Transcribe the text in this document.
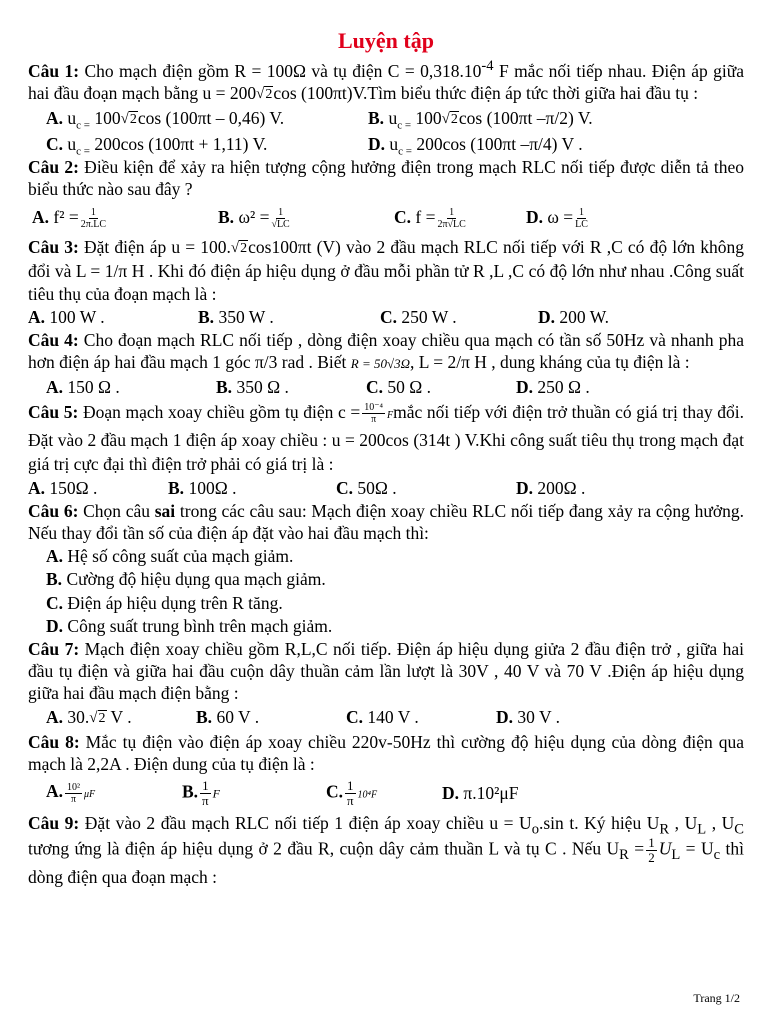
Luyện tập
Câu 1: Cho mạch điện gồm R = 100Ω và tụ điện $C = 0,318.10^{-4}$ F mắc nối tiếp nhau. Điện áp giữa hai đầu đoạn mạch bằng u = 200√2cos (100πt)V.Tìm biểu thức điện áp tức thời giữa hai đầu tụ :
A. $u_{c =}$ 100√2cos (100πt – 0,46) V.	B. $u_{c =}$ 100√2cos (100πt –π/2) V.
C. $u_{c =}$ 200cos (100πt + 1,11) V.	D. $u_{c =}$ 200cos (100πt –π/4) V .
Câu 2: Điều kiện để xảy ra hiện tượng cộng hưởng điện trong mạch RLC nối tiếp được diễn tả theo biểu thức nào sau đây ?
A. $f^2 = \frac{1}{2\pi.LC}$	B. $\omega^2 = \frac{1}{√LC}$	C. $f = \frac{1}{2\pi√LC}$	D. $\omega = \frac{1}{LC}$
Câu 3: Đặt điện áp u = 100.√2cos100πt (V) vào 2 đầu mạch RLC nối tiếp với R ,C có độ lớn không đổi và L = 1/π H . Khi đó điện áp hiệu dụng ở đầu mỗi phần tử R ,L ,C có độ lớn như nhau .Công suất tiêu thụ của đoạn mạch là :
A. 100 W .	B. 350 W .	C. 250 W .	D. 200 W.
Câu 4: Cho đoạn mạch RLC nối tiếp , dòng điện xoay chiều qua mạch có tần số 50Hz và nhanh pha hơn điện áp hai đầu mạch 1 góc π/3 rad . Biết R = 50√3Ω, L = 2/π H , dung kháng của tụ điện là :
A. 150 Ω .	B. 350 Ω .	C. 50 Ω .	D. 250 Ω .
Câu 5: Đoạn mạch xoay chiều gồm tụ điện $c = \frac{\text{10⁻⁴}}{\pi}$ Fmắc nối tiếp với điện trở thuần có giá trị thay đổi. Đặt vào 2 đầu mạch 1 điện áp xoay chiều : u = 200cos (314t ) V.Khi công suất tiêu thụ trong mạch đạt giá trị cực đại thì điện trở phải có giá trị là :
A. 150Ω .	B. 100Ω .	C. 50Ω .	D. 200Ω .
Câu 6: Chọn câu sai trong các câu sau: Mạch điện xoay chiều RLC nối tiếp đang xảy ra cộng hưởng. Nếu thay đổi tần số của điện áp đặt vào hai đầu mạch thì:
A. Hệ số công suất của mạch giảm.
B. Cường độ hiệu dụng qua mạch giảm.
C. Điện áp hiệu dụng trên R tăng.
D. Công suất trung bình trên mạch giảm.
Câu 7: Mạch điện xoay chiều gồm R,L,C nối tiếp. Điện áp hiệu dụng giửa 2 đầu điện trở , giữa hai đầu tụ điện và giữa hai đầu cuộn dây thuần cảm lần lượt là 30V , 40 V và 70 V .Điện áp hiệu dụng giữa hai đầu mạch điện bằng :
A. 30.√2 V .	B. 60 V .	C. 140 V .	D. 30 V .
Câu 8: Mắc tụ điện vào điện áp xoay chiều 220v-50Hz thì cường độ hiệu dụng của dòng điện qua mạch là 2,2A . Điện dung của tụ điện là :
A. $\frac{\text{10²}}{\pi}$ μF	B. $\frac{1}{\pi}$ F	C. $\frac{1}{\pi} 10^4F$	D. π.10²μF
Câu 9: Đặt vào 2 đầu mạch RLC nối tiếp 1 điện áp xoay chiều $u = U_o.\sin$ t. Ký hiệu $U_R$ , $U_L$ , $U_C$ tương ứng là điện áp hiệu dụng ở 2 đầu R, cuộn dây cảm thuần L và tụ C . Nếu $U_R = \frac{1}{2} U_L = U_c$ thì dòng điện qua đoạn mạch :
Trang 1/2
